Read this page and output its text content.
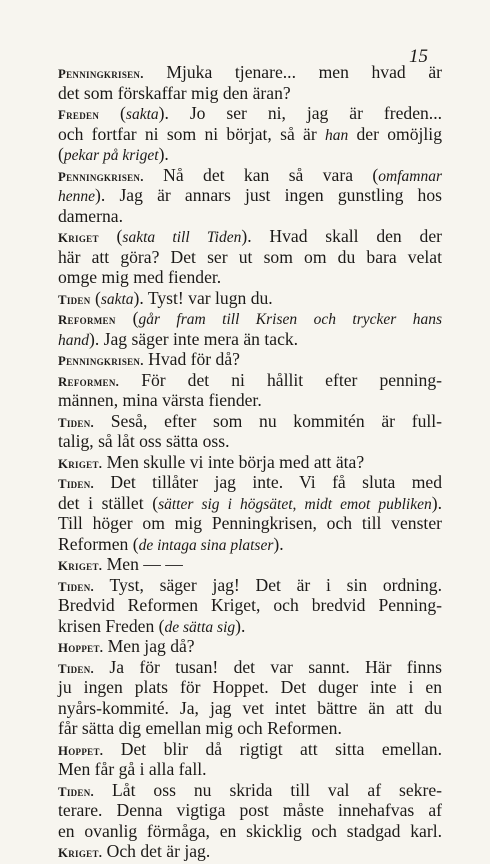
15
Penningkrisen. Mjuka tjenare... men hvad är
det som förskaffar mig den äran?
Freden (sakta). Jo ser ni, jag är freden...
och fortfar ni som ni börjat, så är han der omöjlig
(pekar på kriget).
Penningkrisen. Nå det kan så vara (omfamnar
henne). Jag är annars just ingen gunstling hos
damerna.
Kriget (sakta till Tiden). Hvad skall den der
här att göra? Det ser ut som om du bara velat
omge mig med fiender.
Tiden (sakta). Tyst! var lugn du.
Reformen (går fram till Krisen och trycker hans
hand). Jag säger inte mera än tack.
Penningkrisen. Hvad för då?
Reformen. För det ni hållit efter penning-
männen, mina värsta fiender.
Tiden. Seså, efter som nu kommitén är full-
talig, så låt oss sätta oss.
Kriget. Men skulle vi inte börja med att äta?
Tiden. Det tillåter jag inte. Vi få sluta med
det i stället (sätter sig i högsätet, midt emot publiken).
Till höger om mig Penningkrisen, och till venster
Reformen (de intaga sina platser).
Kriget. Men — —
Tiden. Tyst, säger jag! Det är i sin ordning.
Bredvid Reformen Kriget, och bredvid Penning-
krisen Freden (de sätta sig).
Hoppet. Men jag då?
Tiden. Ja för tusan! det var sannt. Här finns
ju ingen plats för Hoppet. Det duger inte i en
nyårs-kommité. Ja, jag vet intet bättre än att du
får sätta dig emellan mig och Reformen.
Hoppet. Det blir då rigtigt att sitta emellan.
Men får gå i alla fall.
Tiden. Låt oss nu skrida till val af sekre-
terare. Denna vigtiga post måste innehafvas af
en ovanlig förmåga, en skicklig och stadgad karl.
Kriget. Och det är jag.
